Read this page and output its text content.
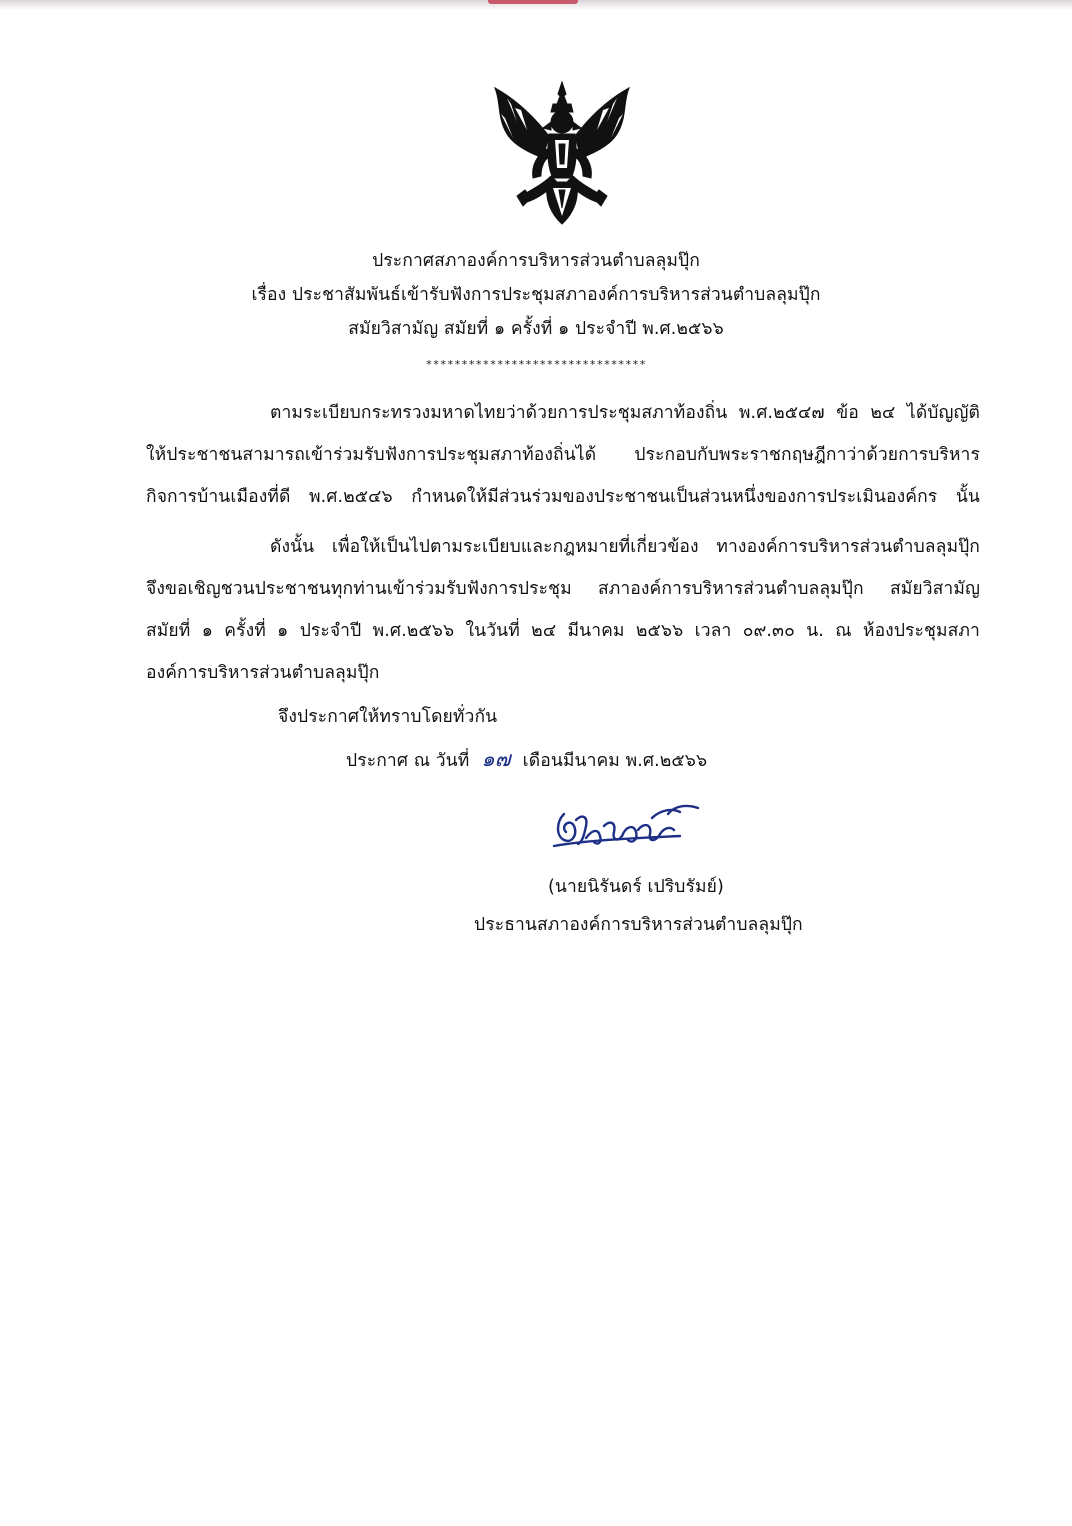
ประกาศสภาองค์การบริหารส่วนตำบลลุมปุ๊ก
เรื่อง ประชาสัมพันธ์เข้ารับฟังการประชุมสภาองค์การบริหารส่วนตำบลลุมปุ๊ก
สมัยวิสามัญ สมัยที่ ๑ ครั้งที่ ๑ ประจำปี พ.ศ.๒๕๖๖
*******************************
ตามระเบียบกระทรวงมหาดไทยว่าด้วยการประชุมสภาท้องถิ่น พ.ศ.๒๕๔๗ ข้อ ๒๔ ได้บัญญัติ
ให้ประชาชนสามารถเข้าร่วมรับฟังการประชุมสภาท้องถิ่นได้ ประกอบกับพระราชกฤษฎีกาว่าด้วยการบริหาร
กิจการบ้านเมืองที่ดี พ.ศ.๒๕๔๖ กำหนดให้มีส่วนร่วมของประชาชนเป็นส่วนหนึ่งของการประเมินองค์กร นั้น
ดังนั้น เพื่อให้เป็นไปตามระเบียบและกฎหมายที่เกี่ยวข้อง ทางองค์การบริหารส่วนตำบลลุมปุ๊ก
จึงขอเชิญชวนประชาชนทุกท่านเข้าร่วมรับฟังการประชุม สภาองค์การบริหารส่วนตำบลลุมปุ๊ก สมัยวิสามัญ
สมัยที่ ๑ ครั้งที่ ๑ ประจำปี พ.ศ.๒๕๖๖ ในวันที่ ๒๔ มีนาคม ๒๕๖๖ เวลา ๐๙.๓๐ น. ณ ห้องประชุมสภา
องค์การบริหารส่วนตำบลลุมปุ๊ก
จึงประกาศให้ทราบโดยทั่วกัน
ประกาศ ณ วันที่ ๑๗ เดือนมีนาคม พ.ศ.๒๕๖๖
(นายนิรันดร์ เปริบรัมย์)
ประธานสภาองค์การบริหารส่วนตำบลลุมปุ๊ก
